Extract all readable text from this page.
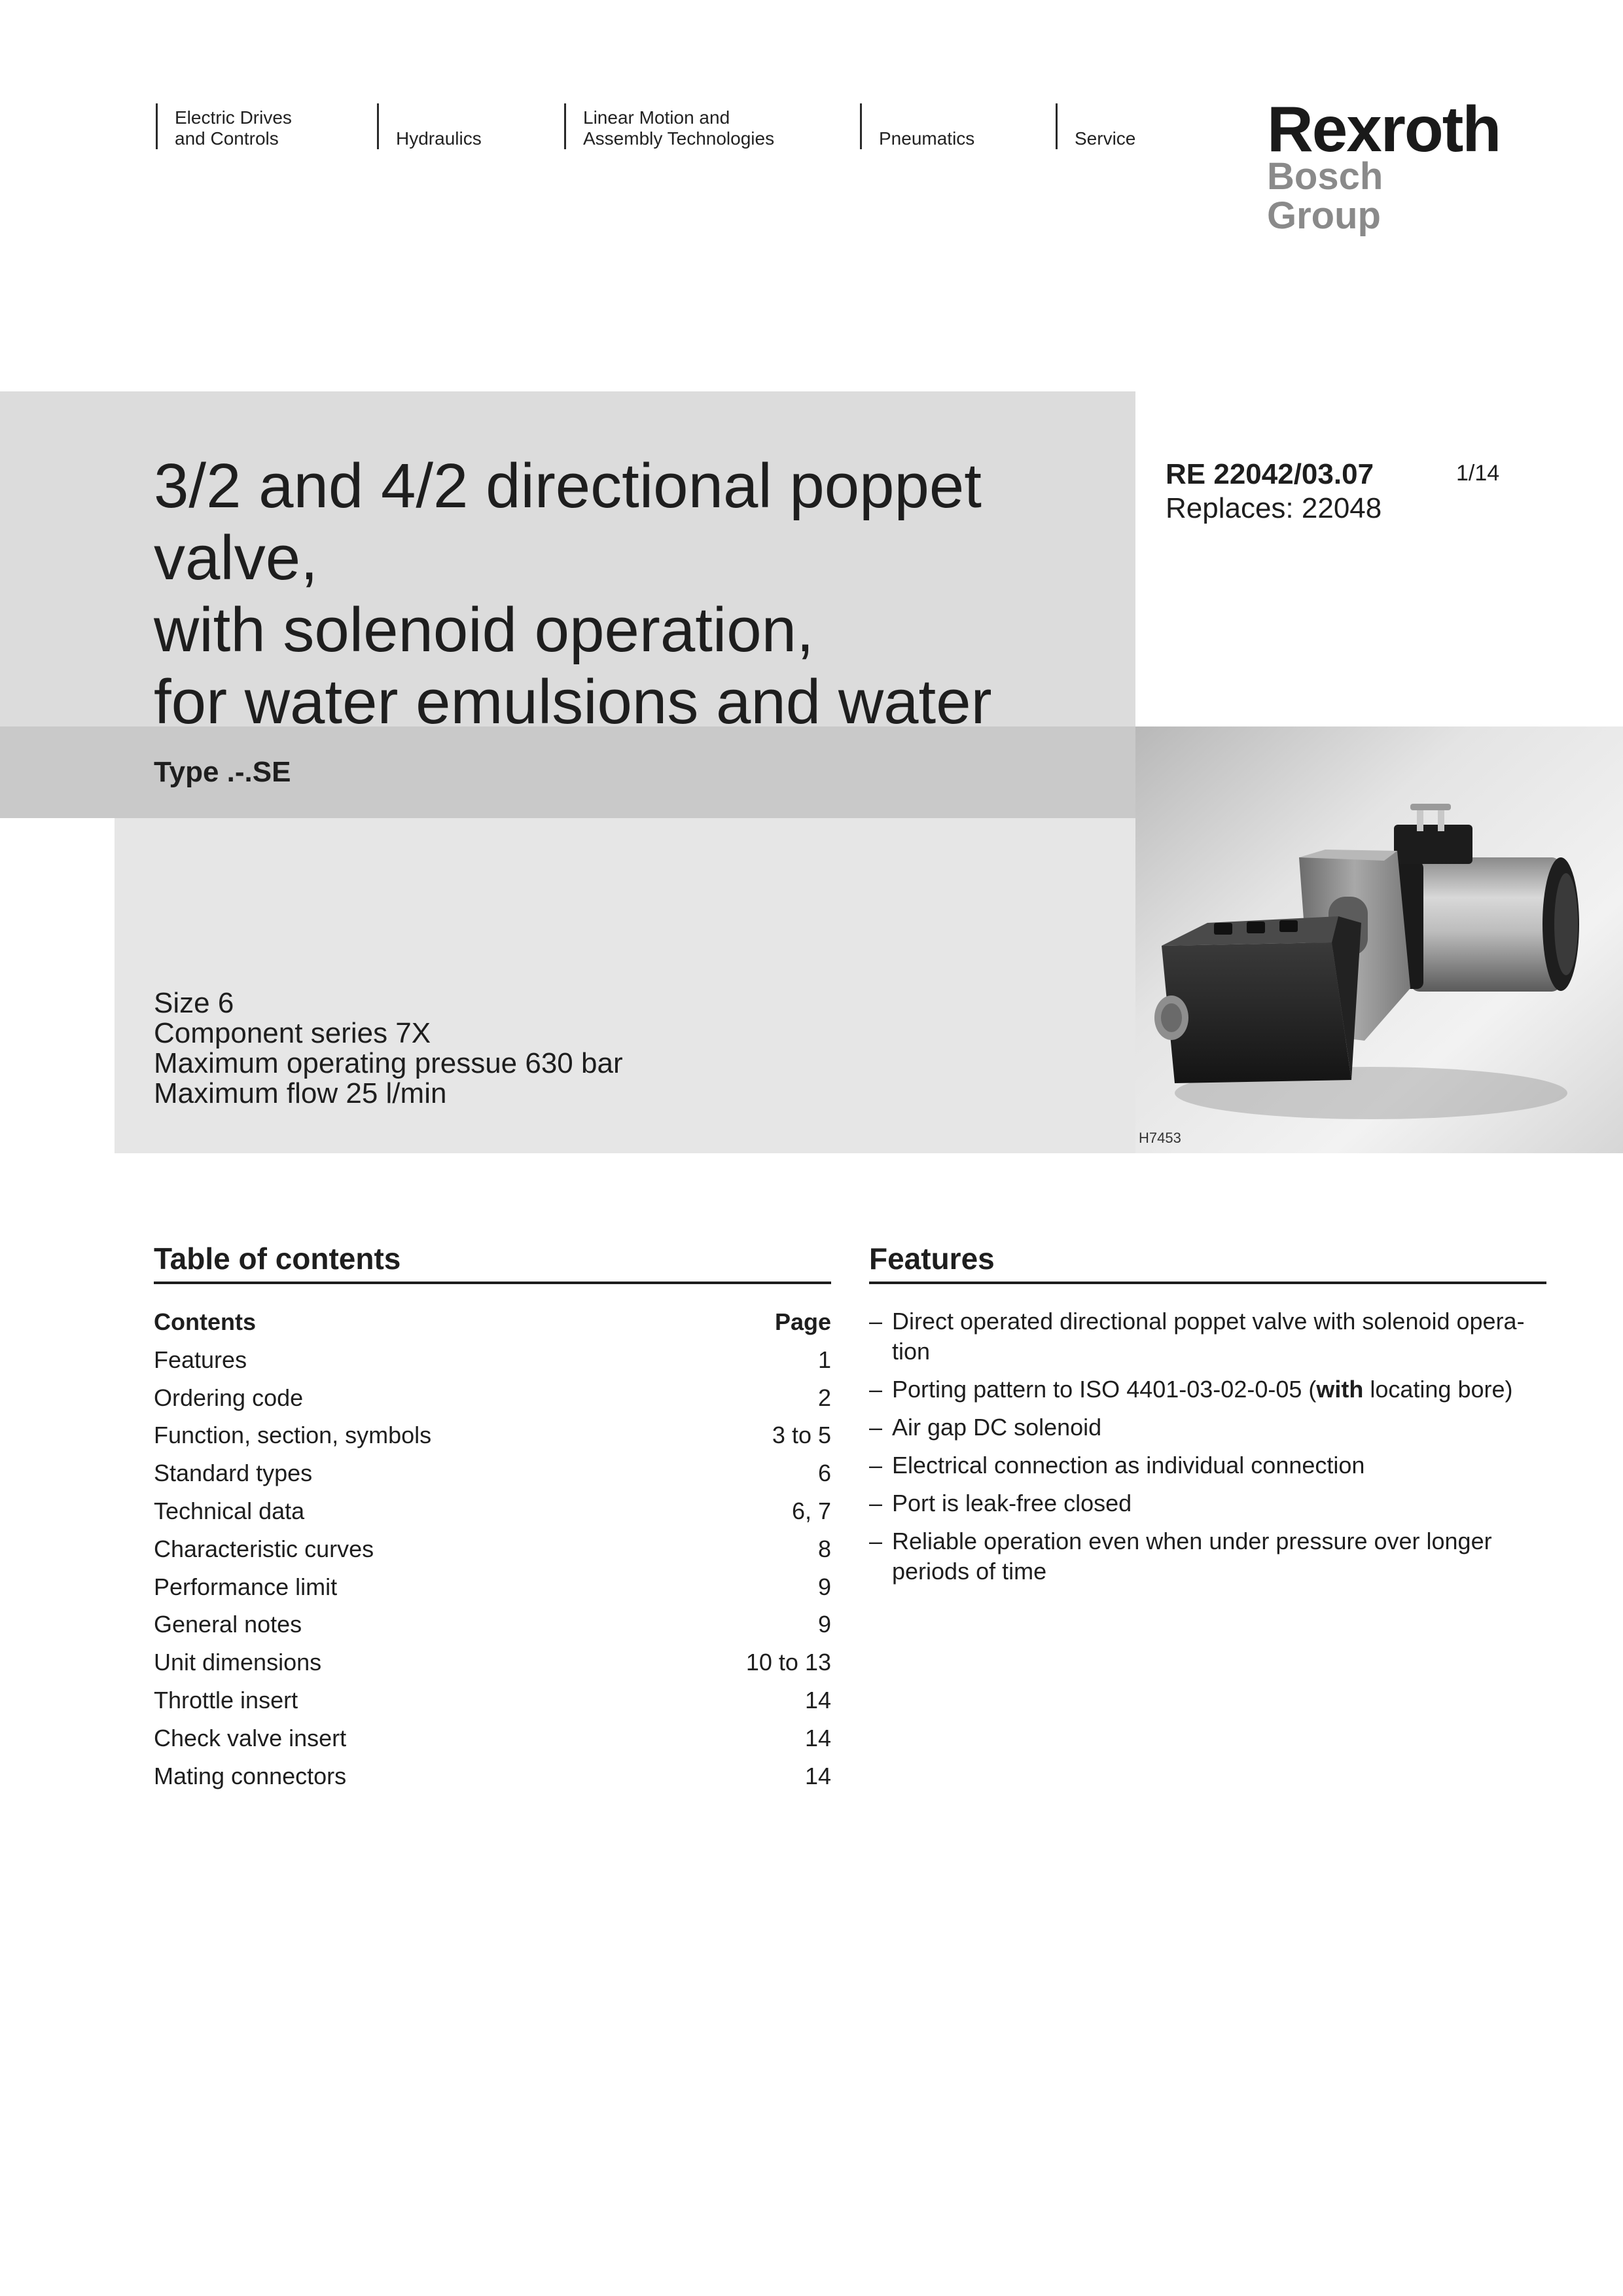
Electric Drives
and Controls	Hydraulics
Linear Motion and
Assembly Technologies	Pneumatics	Service Rexroth
Bosch Group
3/2 and 4/2 directional poppet valve,
with solenoid operation,
for water emulsions and water
Type .-.SE
Size 6
Component series 7X
Maximum operating pressue 630 bar
Maximum flow 25 l/min
RE 22042/03.07
Replaces: 22048
1/14
H7453
Table of contents
Contents	Page
Features	1
Ordering code	2
Function, section, symbols	3 to 5
Standard types	6
Technical data	6, 7
Characteristic curves	8
Performance limit	9
General notes	9
Unit dimensions	10 to 13
Throttle insert	14
Check valve insert	14
Mating connectors	14
Features
– Direct operated directional poppet valve with solenoid opera-tion
– Porting pattern to ISO 4401-03-02-0-05 (with locating bore)
– Air gap DC solenoid
– Electrical connection as individual connection
– Port is leak-free closed
– Reliable operation even when under pressure over longer periods of time
